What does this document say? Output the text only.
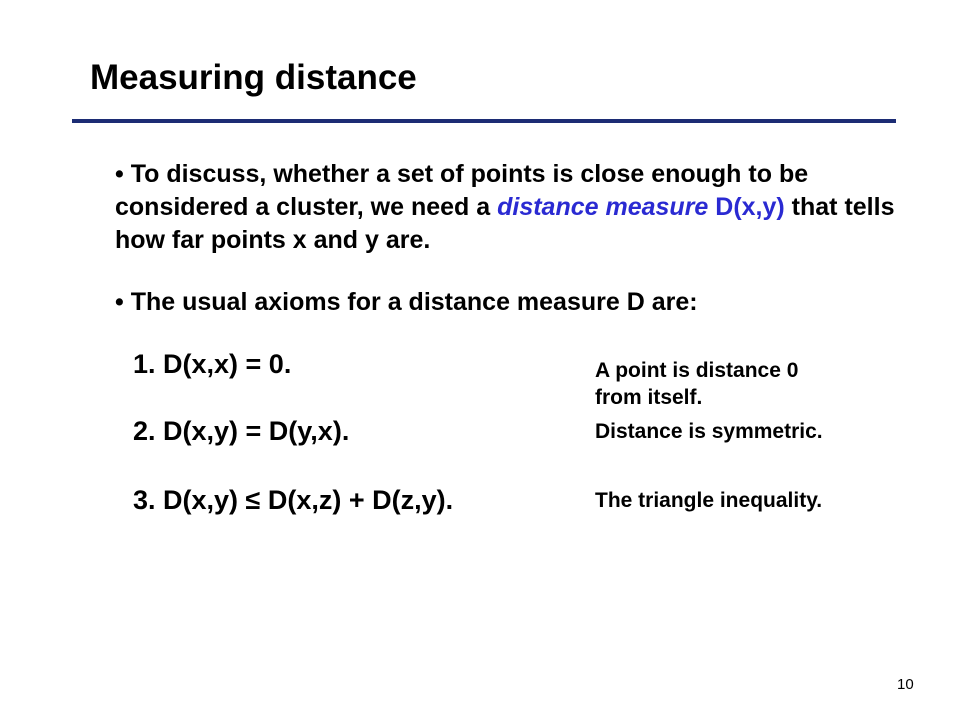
Measuring distance
• To discuss, whether a set of points is close enough to be considered a cluster, we need a distance measure D(x,y) that tells how far points x and y are.
• The usual axioms for a distance measure D are:
1. D(x,x) = 0.	A point is distance 0
from itself.
2. D(x,y) = D(y,x).	Distance is symmetric.
3. D(x,y) ≤ D(x,z) + D(z,y).	The triangle inequality.
10
